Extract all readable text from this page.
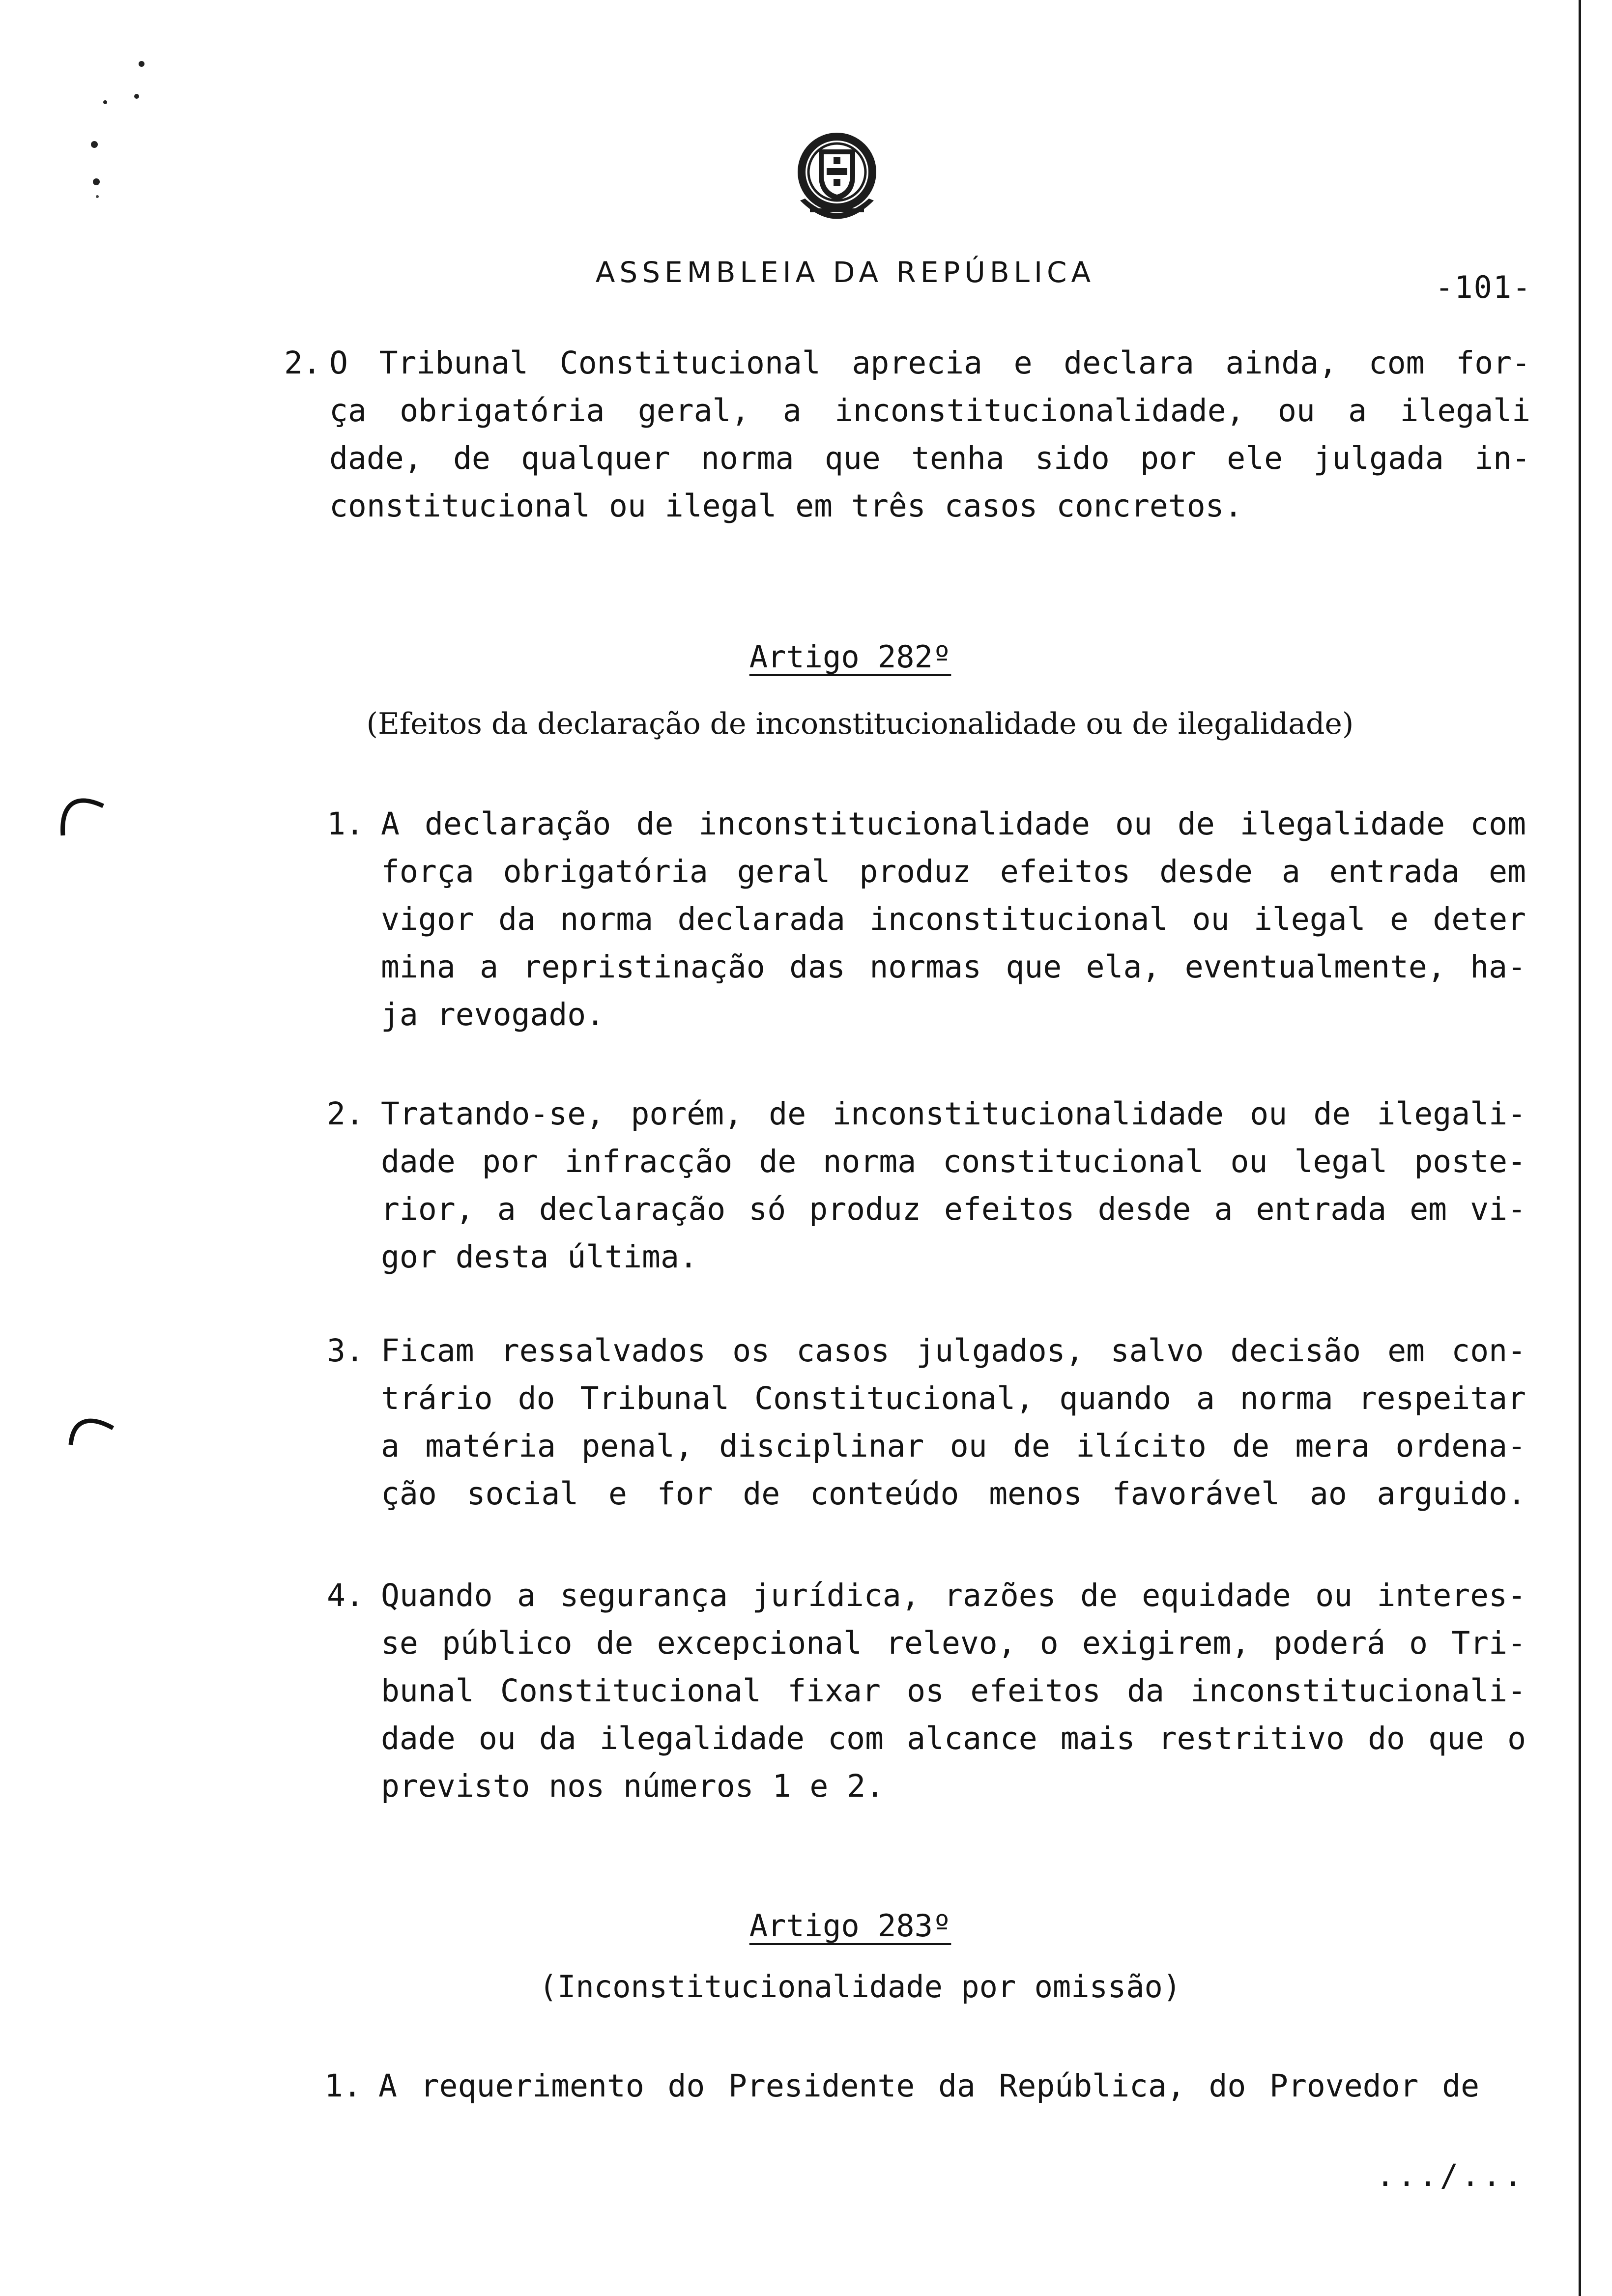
ASSEMBLEIA DA REPÚBLICA	-101-
2. O Tribunal Constitucional aprecia e declara ainda, com for-
ça obrigatória geral, a inconstitucionalidade, ou a ilegali
dade, de qualquer norma que tenha sido por ele julgada in-
constitucional ou ilegal em três casos concretos.
Artigo 282º
(Efeitos da declaração de inconstitucionalidade ou de ilegalidade)
1. A declaração de inconstitucionalidade ou de ilegalidade com
força obrigatória geral produz efeitos desde a entrada em
vigor da norma declarada inconstitucional ou ilegal e deter
mina a repristinação das normas que ela, eventualmente, ha-
ja revogado.
2. Tratando-se, porém, de inconstitucionalidade ou de ilegali-
dade por infracção de norma constitucional ou legal poste-
rior, a declaração só produz efeitos desde a entrada em vi-
gor desta última.
3. Ficam ressalvados os casos julgados, salvo decisão em con-
trário do Tribunal Constitucional, quando a norma respeitar
a matéria penal, disciplinar ou de ilícito de mera ordena-
ção social e for de conteúdo menos favorável ao arguido.
4. Quando a segurança jurídica, razões de equidade ou interes-
se público de excepcional relevo, o exigirem, poderá o Tri-
bunal Constitucional fixar os efeitos da inconstitucionali-
dade ou da ilegalidade com alcance mais restritivo do que o
previsto nos números 1 e 2.
Artigo 283º
(Inconstitucionalidade por omissão)
1. A requerimento do Presidente da República, do Provedor de
.../...
